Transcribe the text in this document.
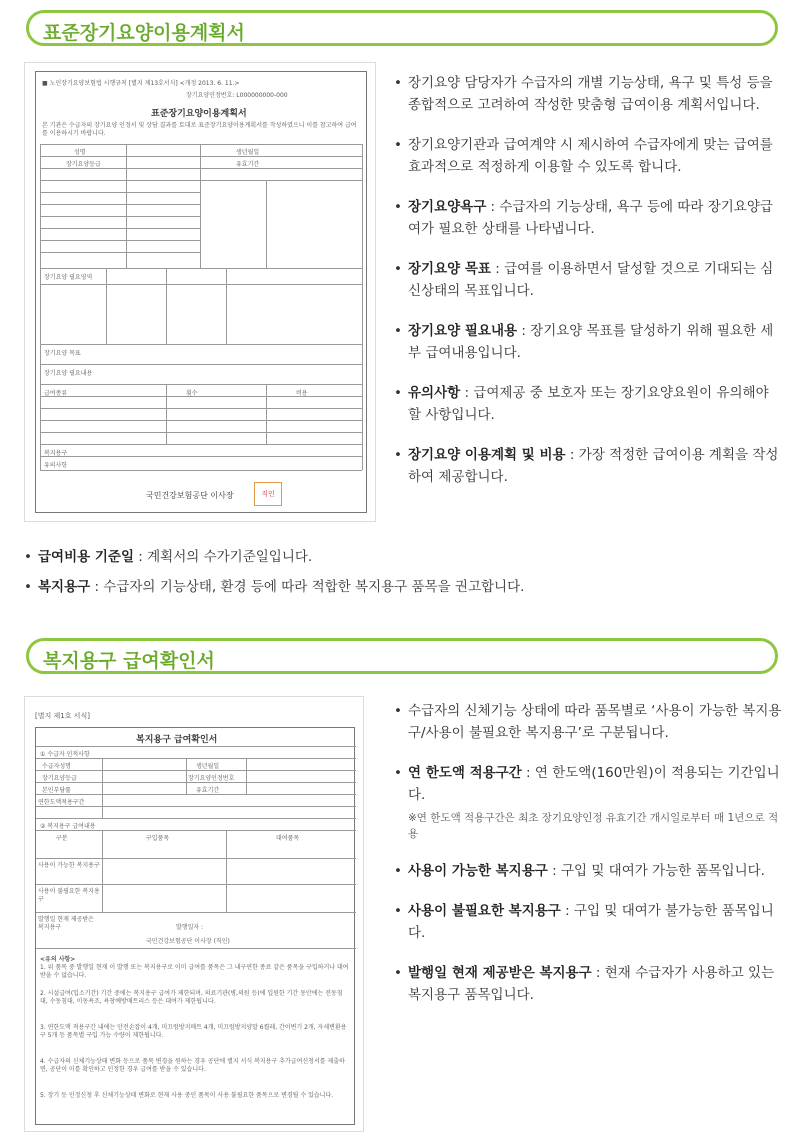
표준장기요양이용계획서
■ 노인장기요양보험법 시행규칙 [별지 제13호서식] <개정 2013. 6. 11.>
장기요양인정번호: L000000000-000
표준장기요양이용계획서
본 기관은 수급자의 장기요양 인정서 및 상담 결과를 토대로 표준장기요양이용계획서를 작성하였으니 이를 참고하여 급여를 이용하시기 바랍니다.
성명	생년월일
장기요양등급	유효기간
장기요양 필요영역
장기요양 목표
장기요양 필요내용
급여종류	횟수	비용
복지용구
유의사항
국민건강보험공단 이사장	직인
• 장기요양 담당자가 수급자의 개별 기능상태, 욕구 및 특성 등을 종합적으로 고려하여 작성한 맞춤형 급여이용 계획서입니다.
• 장기요양기관과 급여계약 시 제시하여 수급자에게 맞는 급여를 효과적으로 적정하게 이용할 수 있도록 합니다.
• 장기요양욕구 : 수급자의 기능상태, 욕구 등에 따라 장기요양급여가 필요한 상태를 나타냅니다.
• 장기요양 목표 : 급여를 이용하면서 달성할 것으로 기대되는 심신상태의 목표입니다.
• 장기요양 필요내용 : 장기요양 목표를 달성하기 위해 필요한 세부 급여내용입니다.
• 유의사항 : 급여제공 중 보호자 또는 장기요양요원이 유의해야 할 사항입니다.
• 장기요양 이용계획 및 비용 : 가장 적정한 급여이용 계획을 작성하여 제공합니다.
• 급여비용 기준일 : 계획서의 수가기준일입니다.
• 복지용구 : 수급자의 기능상태, 환경 등에 따라 적합한 복지용구 품목을 권고합니다.
복지용구 급여확인서
[별지 제1호 서식]
복지용구 급여확인서
① 수급자 인적사항
수급자성명	생년월일
장기요양등급	장기요양인정번호
본인부담률	유효기간
연한도액적용구간
② 복지용구 급여내용
구분	구입품목	대여품목
사용이 가능한 복지용구
사용이 불필요한 복지용구
발행일 현재 제공받은 복지용구	발행일자 :
국민건강보험공단 이사장 (직인)
<유의 사항>
1. 위 품목 중 발행일 현재 이 발행 또는 복지용구로 이미 급여를 품목은 그 내구연한 종료 같은 품목을 구입하거나 대여 받을 수 없습니다.
2. 시설급여(입소기간) 기간 중에는 복지용구 급여가 제한되며, 의료기관(병,의원 등)에 입원한 기간 동안에는 전동침대, 수동침대, 이동욕조, 욕창예방매트리스 등은 대여가 제한됩니다.
3. 연한도액 적용구간 내에는 안전손잡이 4개, 미끄럼방지매트 4개, 미끄럼방지양말 6켤레, 간이변기 2개, 자세변환용구 5개 등 품목별 구입 가능 수량이 제한됩니다.
4. 수급자의 신체기능상태 변화 등으로 품목 변경을 원하는 경우 공단에 별지 서식 복지용구 추가급여신청서를 제출하면, 공단이 이를 확인하고 인정한 경우 급여를 받을 수 있습니다.
5. 장기 등 인정신청 후 신체기능상태 변화로 현재 사용 중인 품목이 사용 불필요한 품목으로 변경될 수 있습니다.
• 수급자의 신체기능 상태에 따라 품목별로 ‘사용이 가능한 복지용구/사용이 불필요한 복지용구’로 구분됩니다.
• 연 한도액 적용구간 : 연 한도액(160만원)이 적용되는 기간입니다.
※연 한도액 적용구간은 최초 장기요양인정 유효기간 개시일로부터 매 1년으로 적용
• 사용이 가능한 복지용구 : 구입 및 대여가 가능한 품목입니다.
• 사용이 불필요한 복지용구 : 구입 및 대여가 불가능한 품목입니다.
• 발행일 현재 제공받은 복지용구 : 현재 수급자가 사용하고 있는 복지용구 품목입니다.
